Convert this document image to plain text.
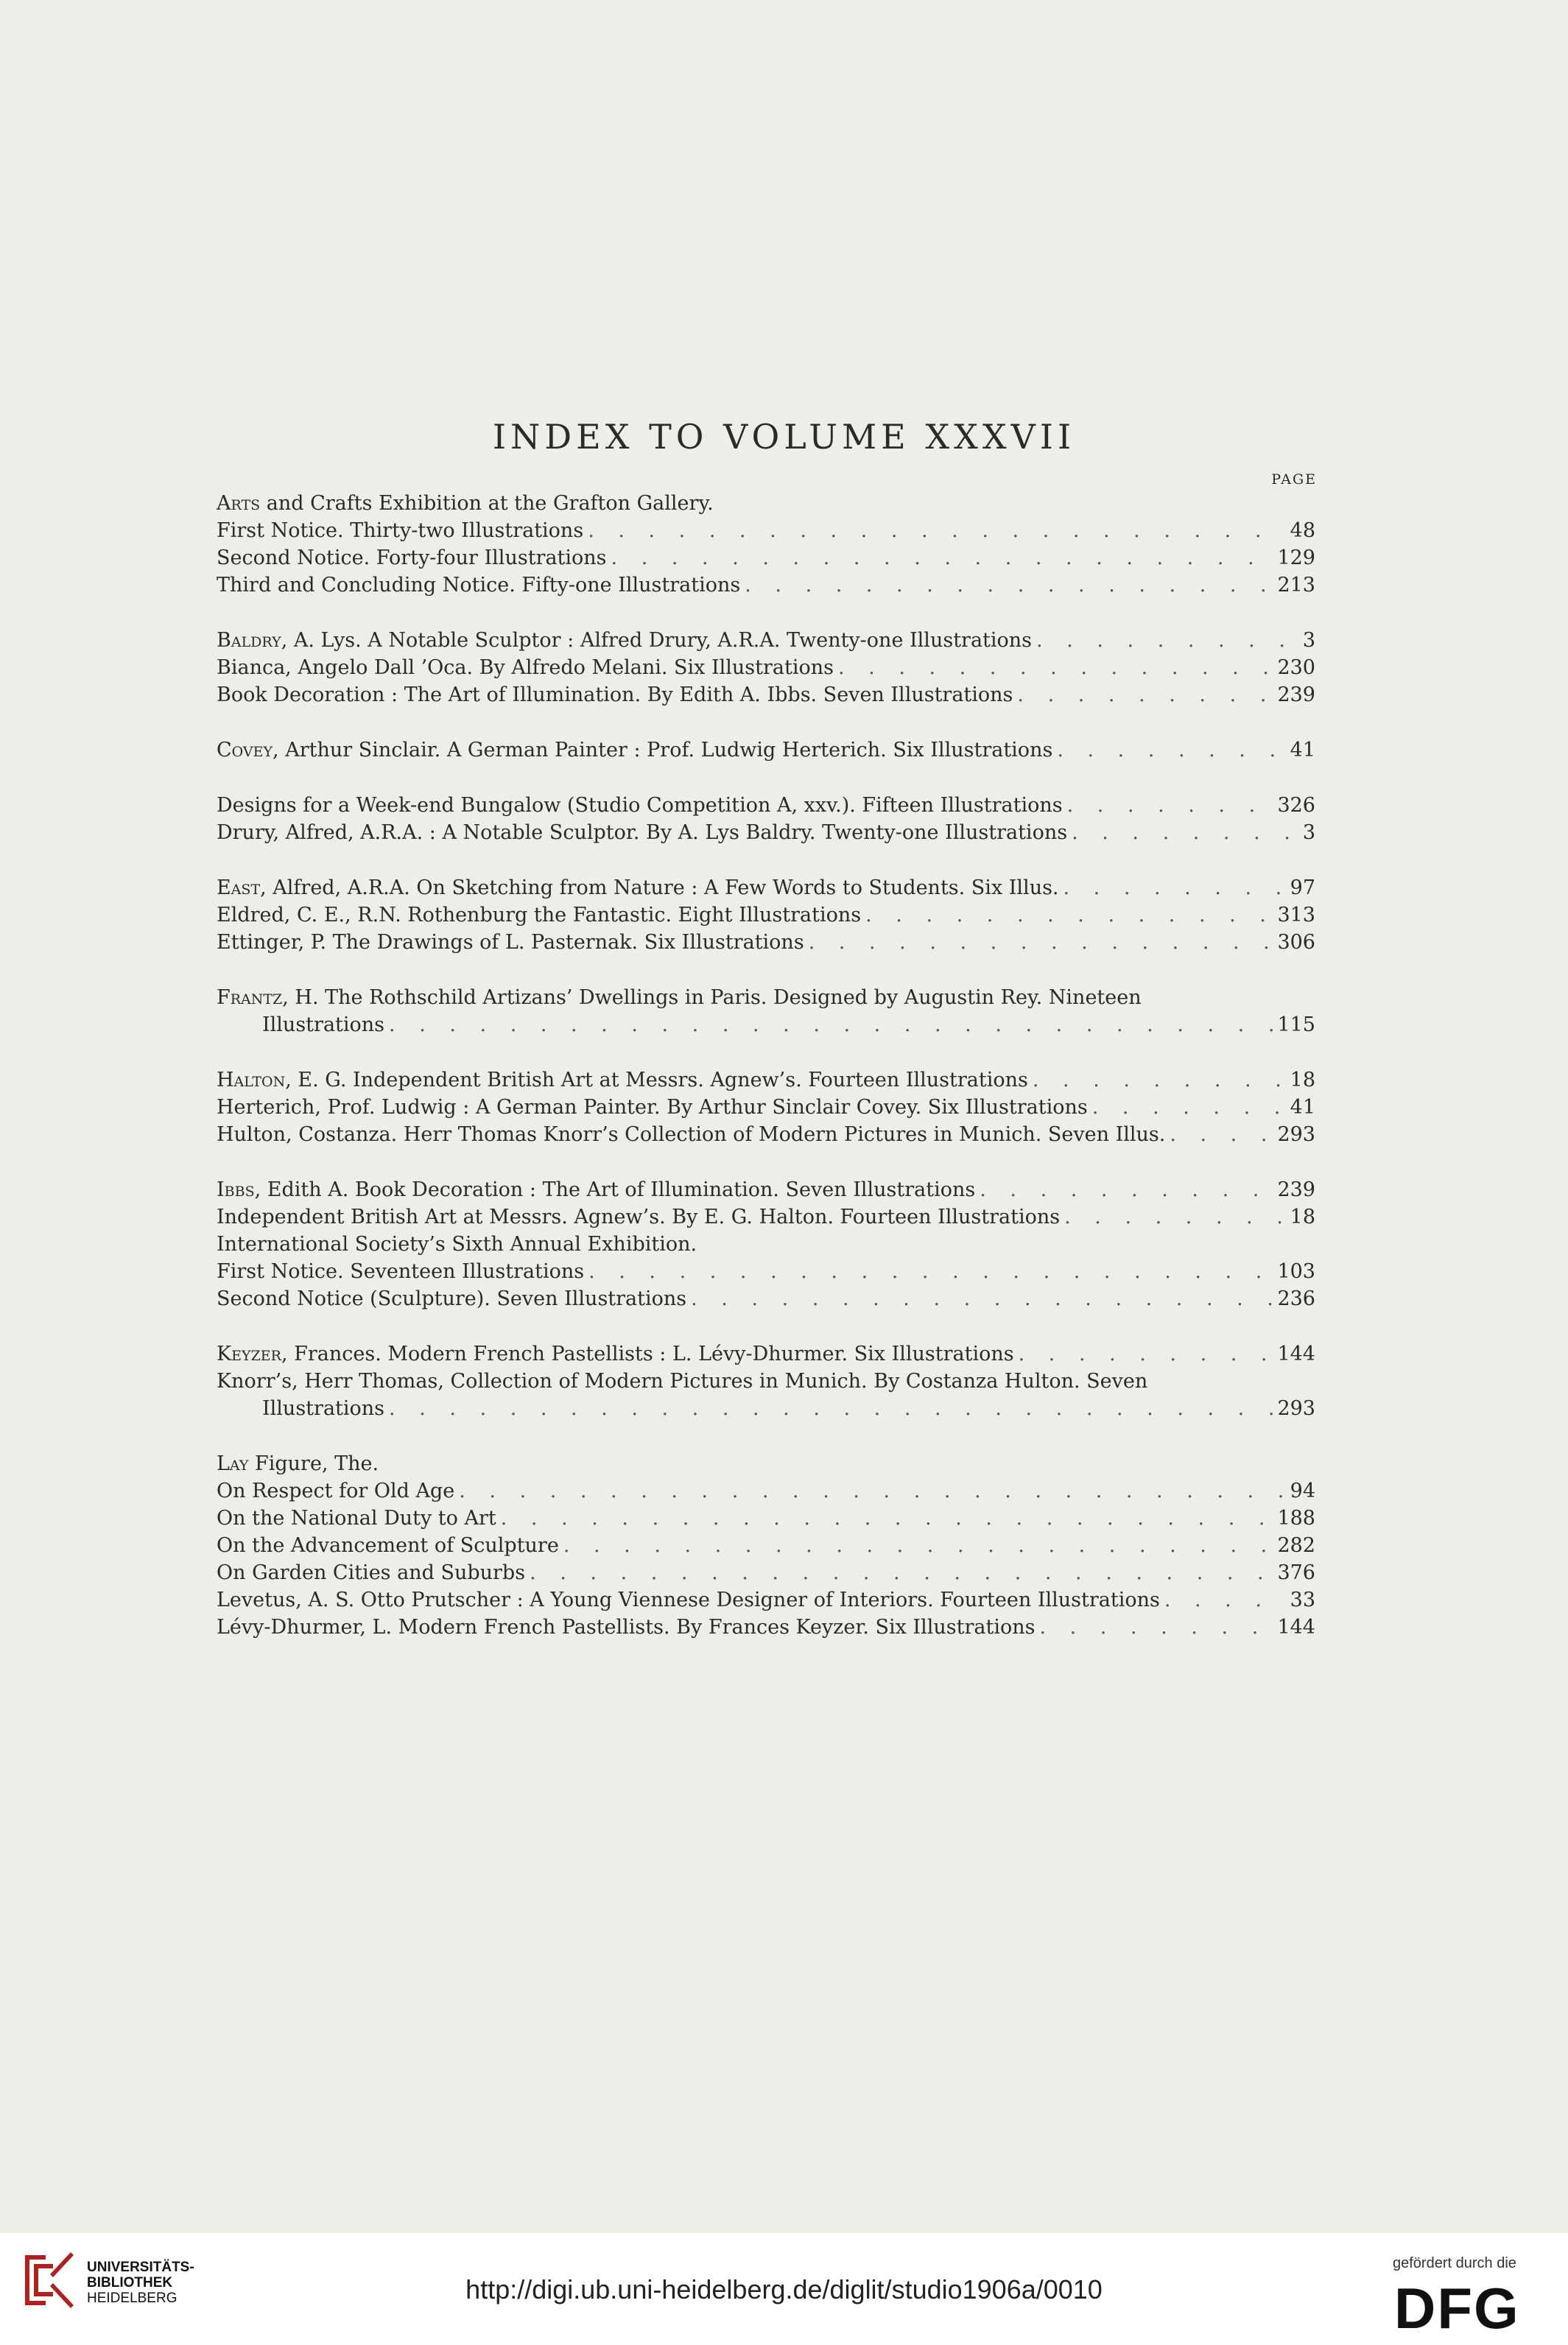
INDEX TO VOLUME XXXVII
PAGE
Arts and Crafts Exhibition at the Grafton Gallery.
First Notice. Thirty-two Illustrations . . .	48
Second Notice. Forty-four Illustrations . . .	129
Third and Concluding Notice. Fifty-one Illustrations . . .	213
Baldry, A. Lys. A Notable Sculptor : Alfred Drury, A.R.A. Twenty-one Illustrations . . .	3
Bianca, Angelo Dall ’Oca. By Alfredo Melani. Six Illustrations . . .	230
Book Decoration : The Art of Illumination. By Edith A. Ibbs. Seven Illustrations . . .	239
Covey, Arthur Sinclair. A German Painter : Prof. Ludwig Herterich. Six Illustrations . . .	41
Designs for a Week-end Bungalow (Studio Competition A, xxv.). Fifteen Illustrations . . .	326
Drury, Alfred, A.R.A. : A Notable Sculptor. By A. Lys Baldry. Twenty-one Illustrations . . .	3
East, Alfred, A.R.A. On Sketching from Nature : A Few Words to Students. Six Illus. . . .	97
Eldred, C. E., R.N. Rothenburg the Fantastic. Eight Illustrations . . .	313
Ettinger, P. The Drawings of L. Pasternak. Six Illustrations . . .	306
Frantz, H. The Rothschild Artizans’ Dwellings in Paris. Designed by Augustin Rey. Nineteen
Illustrations . . .	115
Halton, E. G. Independent British Art at Messrs. Agnew’s. Fourteen Illustrations . . .	18
Herterich, Prof. Ludwig : A German Painter. By Arthur Sinclair Covey. Six Illustrations . . .	41
Hulton, Costanza. Herr Thomas Knorr’s Collection of Modern Pictures in Munich. Seven Illus. . . .	293
Ibbs, Edith A. Book Decoration : The Art of Illumination. Seven Illustrations . . .	239
Independent British Art at Messrs. Agnew’s. By E. G. Halton. Fourteen Illustrations . . .	18
International Society’s Sixth Annual Exhibition.
First Notice. Seventeen Illustrations . . .	103
Second Notice (Sculpture). Seven Illustrations . . .	236
Keyzer, Frances. Modern French Pastellists : L. Lévy-Dhurmer. Six Illustrations . . .	144
Knorr’s, Herr Thomas, Collection of Modern Pictures in Munich. By Costanza Hulton. Seven
Illustrations . . .	293
Lay Figure, The.
On Respect for Old Age . . .	94
On the National Duty to Art . . .	188
On the Advancement of Sculpture . . .	282
On Garden Cities and Suburbs . . .	376
Levetus, A. S. Otto Prutscher : A Young Viennese Designer of Interiors. Fourteen Illustrations . . .	33
Lévy-Dhurmer, L. Modern French Pastellists. By Frances Keyzer. Six Illustrations . . .	144
UNIVERSITÄTS-
BIBLIOTHEK
HEIDELBERG	http://digi.ub.uni-heidelberg.de/diglit/studio1906a/0010
gefördert durch die
DFG
